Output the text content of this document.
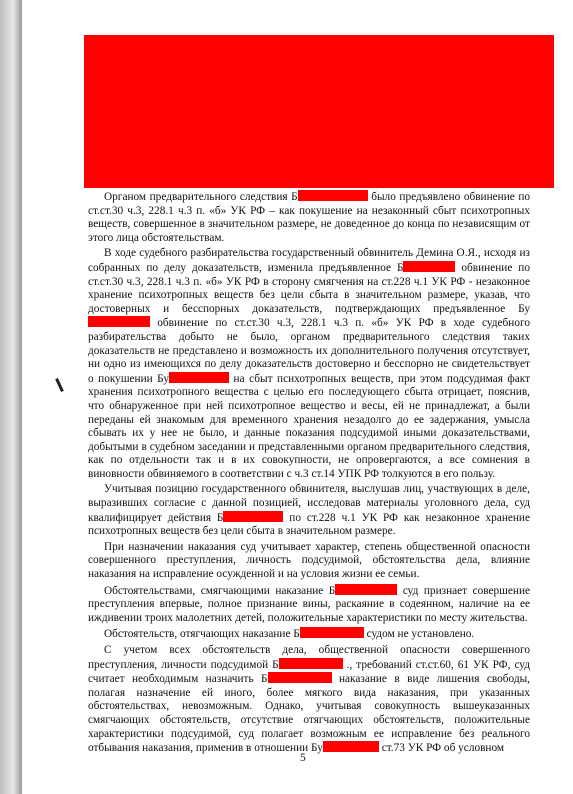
Органом предварительного следствия Б	было предъявлено обвинение по ст.ст.30 ч.3, 228.1 ч.3 п. «б» УК РФ – как покушение на незаконный сбыт психотропных веществ, совершенное в значительном размере, не доведенное до конца по независящим от этого лица обстоятельствам.

В ходе судебного разбирательства государственный обвинитель Демина О.Я., исходя из собранных по делу доказательств, изменила предъявленное Б	обвинение по ст.ст.30 ч.3, 228.1 ч.3 п. «б» УК РФ в сторону смягчения на ст.228 ч.1 УК РФ - незаконное хранение психотропных веществ без цели сбыта в значительном размере, указав, что достоверных и бесспорных доказательств, подтверждающих предъявленное Бу обвинение по ст.ст.30 ч.3, 228.1 ч.3 п. «б» УК РФ в ходе судебного разбирательства добыто не было, органом предварительного следствия таких доказательств не представлено и возможность их дополнительного получения отсутствует, ни одно из имеющихся по делу доказательств достоверно и бесспорно не свидетельствует о покушении Бу	на сбыт психотропных веществ, при этом подсудимая факт хранения психотропного вещества с целью его последующего сбыта отрицает, пояснив, что обнаруженное при ней психотропное вещество и весы, ей не принадлежат, а были переданы ей знакомым для временного хранения незадолго до ее задержания, умысла сбывать их у нее не было, и данные показания подсудимой иными доказательствами, добытыми в судебном заседании и представленными органом предварительного следствия, как по отдельности так и в их совокупности, не опровергаются, а все сомнения в виновности обвиняемого в соответствии с ч.3 ст.14 УПК РФ толкуются в его пользу.

Учитывая позицию государственного обвинителя, выслушав лиц, участвующих в деле, выразивших согласие с данной позицией, исследовав материалы уголовного дела, суд квалифицирует действия Б	по ст.228 ч.1 УК РФ как незаконное хранение психотропных веществ без цели сбыта в значительном размере.

При назначении наказания суд учитывает характер, степень общественной опасности совершенного преступления, личность подсудимой, обстоятельства дела, влияние наказания на исправление осужденной и на условия жизни ее семьи.

Обстоятельствами, смягчающими наказание Б	суд признает совершение преступления впервые, полное признание вины, раскаяние в содеянном, наличие на ее иждивении троих малолетних детей, положительные характеристики по месту жительства.

Обстоятельств, отягчающих наказание Б	судом не установлено.

С учетом всех обстоятельств дела, общественной опасности совершенного преступления, личности подсудимой Б	., требований ст.ст.60, 61 УК РФ, суд считает необходимым назначить Б	наказание в виде лишения свободы, полагая назначение ей иного, более мягкого вида наказания, при указанных обстоятельствах, невозможным. Однако, учитывая совокупность вышеуказанных смягчающих обстоятельств, отсутствие отягчающих обстоятельств, положительные характеристики подсудимой, суд полагает возможным ее исправление без реального отбывания наказания, применив в отношении Бу	ст.73 УК РФ об условном

5
